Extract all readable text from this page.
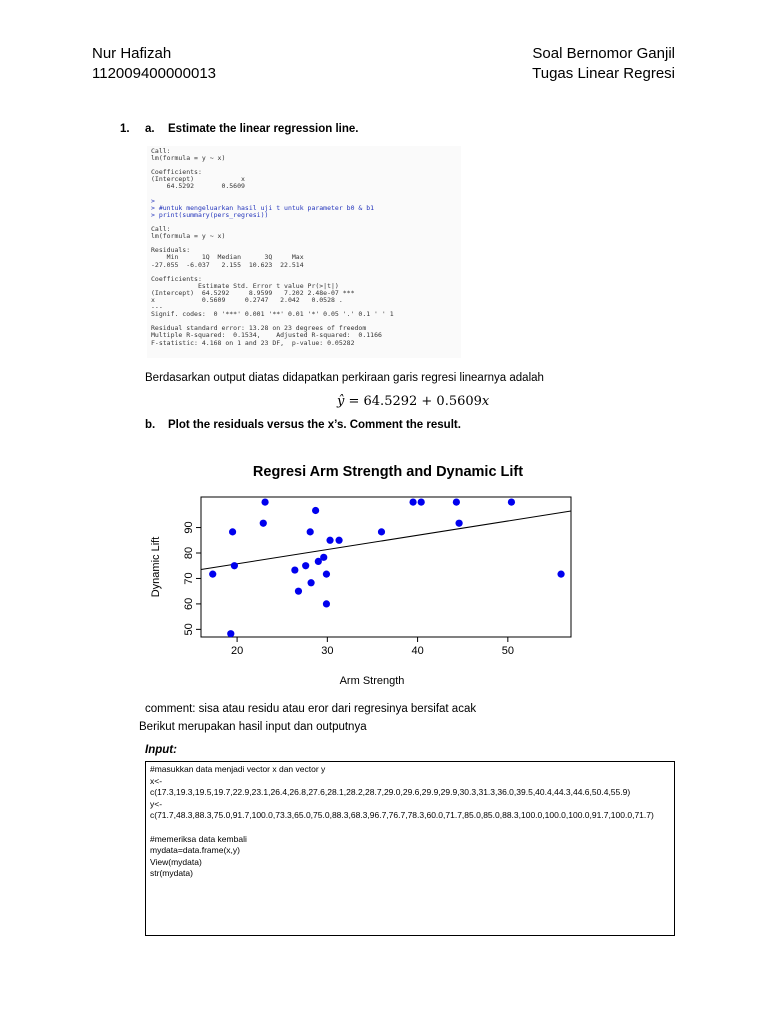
Nur Hafizah
112009400000013
Soal Bernomor Ganjil
Tugas Linear Regresi
1. a. Estimate the linear regression line.
Call:
lm(formula = y ~ x)

Coefficients:
(Intercept)            x
64.5292       0.5609

>
> #untuk mengeluarkan hasil uji t untuk parameter b0 & b1
> print(summary(pers_regresi))

Call:
lm(formula = y ~ x)

Residuals:
Min      1Q  Median      3Q     Max
-27.055  -6.037   2.155  10.623  22.514

Coefficients:
Estimate Std. Error t value Pr(>|t|)
(Intercept)  64.5292     8.9599   7.202 2.48e-07 ***
x            0.5609     0.2747   2.042   0.0528 .
---
Signif. codes:  0 '***' 0.001 '**' 0.01 '*' 0.05 '.' 0.1 ' ' 1

Residual standard error: 13.28 on 23 degrees of freedom
Multiple R-squared:  0.1534,	Adjusted R-squared:  0.1166
F-statistic: 4.168 on 1 and 23 DF,  p-value: 0.05282

Berdasarkan output diatas didapatkan perkiraan garis regresi linearnya adalah
ŷ = 64.5292 + 0.5609x
b. Plot the residuals versus the x’s. Comment the result.
Regresi Arm Strength and Dynamic Lift
20	30	40	50
50
60
70
80
90
Arm Strength
Dynamic Lift
comment: sisa atau residu atau eror dari regresinya bersifat acak
Berikut merupakan hasil input dan outputnya
Input:
#masukkan data menjadi vector x dan vector y
x<-
c(17.3,19.3,19.5,19.7,22.9,23.1,26.4,26.8,27.6,28.1,28.2,28.7,29.0,29.6,29.9,29.9,30.3,31.3,36.0,39.5,40.4,44.3,44.6,50.4,55.9)
y<-
c(71.7,48.3,88.3,75.0,91.7,100.0,73.3,65.0,75.0,88.3,68.3,96.7,76.7,78.3,60.0,71.7,85.0,85.0,88.3,100.0,100.0,100.0,91.7,100.0,71.7)

#memeriksa data kembali
mydata=data.frame(x,y)
View(mydata)
str(mydata)
